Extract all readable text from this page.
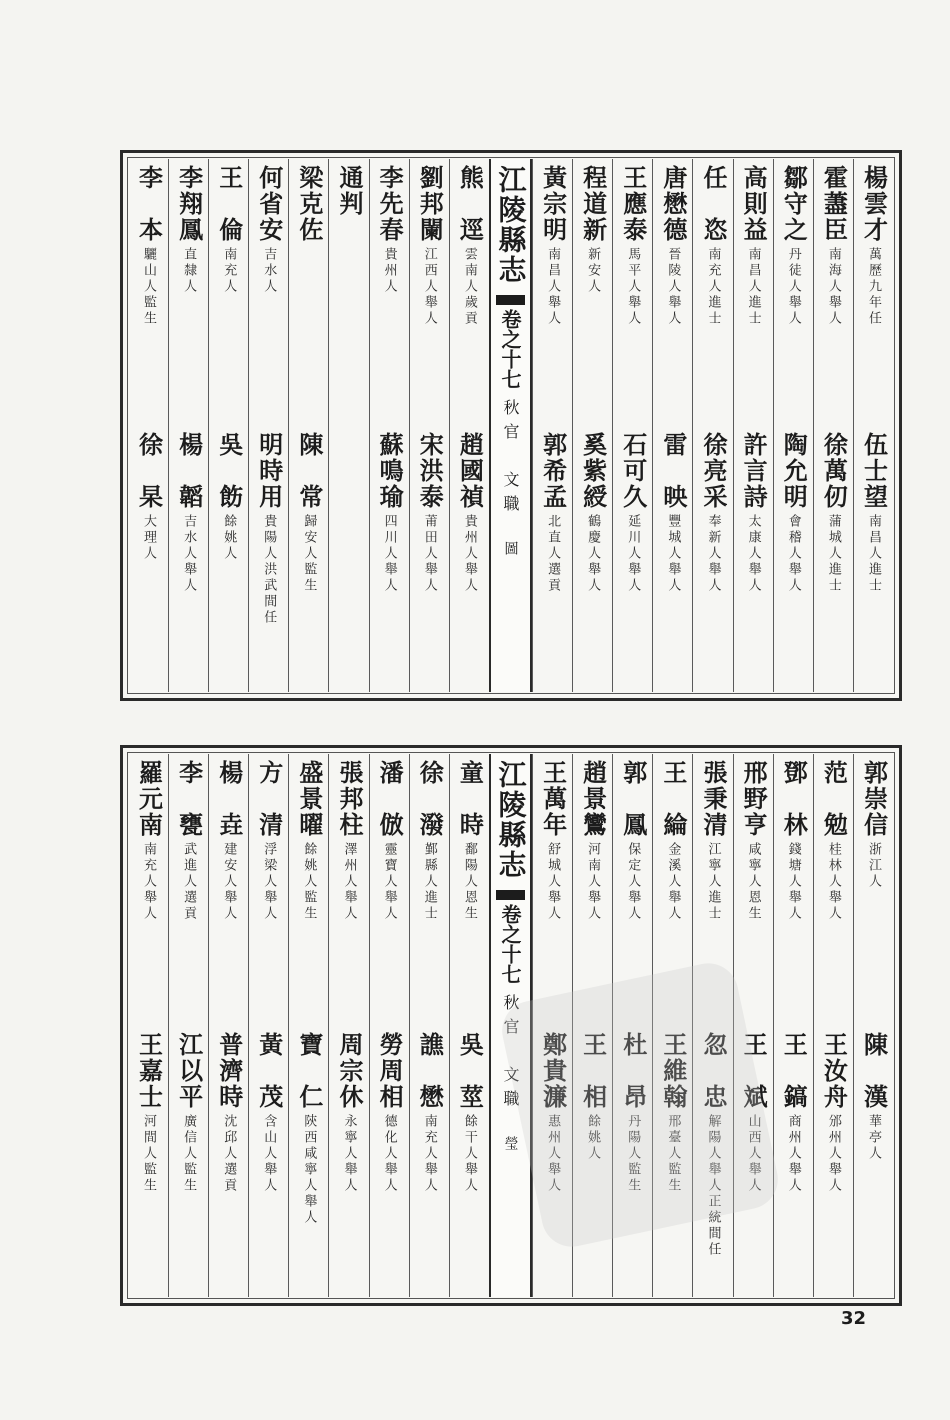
楊雲才
萬歷九年任
伍士望
南昌人進士
霍藎臣
南海人舉人
徐萬仞
蒲城人進士
鄒守之
丹徒人舉人
陶允明
會稽人舉人
高則益
南昌人進士
許言詩
太康人舉人
任　恣
南充人進士
徐亮采
奉新人舉人
唐懋德
晉陵人舉人
雷　映
豐城人舉人
王應泰
馬平人舉人
石可久
延川人舉人
程道新
新安人
奚紫綬
鶴慶人舉人
黃宗明
南昌人舉人
郭希孟
北直人選貢
江陵縣志
卷之十七
秋官　文職
圖
熊　逕
雲南人歲貢
趙國禎
貴州人舉人
劉邦闌
江西人舉人
宋洪泰
莆田人舉人
李先春
貴州人
蘇鳴瑜
四川人舉人
通判
梁克佐
陳　常
歸安人監生
何省安
吉水人
明時用
貴陽人洪武間任
王　倫
南充人
吳　飭
餘姚人
李翔鳳
直隸人
楊　韜
吉水人舉人
李　本
驪山人監生
徐　杲
大理人
郭崇信
浙江人
陳　漢
華亭人
范　勉
桂林人舉人
王汝舟
邠州人舉人
鄧　林
錢塘人舉人
王　鎬
商州人舉人
邢野亨
咸寧人恩生
王　斌
山西人舉人
張秉清
江寧人進士
忽　忠
解陽人舉人正統間任
王　綸
金溪人舉人
王維翰
邢臺人監生
郭　鳳
保定人舉人
杜　昂
丹陽人監生
趙景鸞
河南人舉人
王　相
餘姚人
王萬年
舒城人舉人
鄭貴濂
惠州人舉人
江陵縣志
卷之十七
秋官　文職
瑩
童　時
鄱陽人恩生
吳　莖
餘干人舉人
徐　潑
鄞縣人進士
譙　懋
南充人舉人
潘　倣
靈寶人舉人
勞周相
德化人舉人
張邦柱
澤州人舉人
周宗休
永寧人舉人
盛景曜
餘姚人監生
寶　仁
陝西咸寧人舉人
方　清
浮梁人舉人
黃　茂
含山人舉人
楊　垚
建安人舉人
普濟時
沈邱人選貢
李　甕
武進人選貢
江以平
廣信人監生
羅元南
南充人舉人
王嘉士
河間人監生
32
